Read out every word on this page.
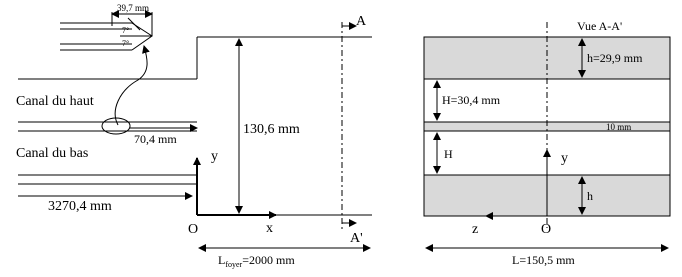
39,7 mm
7°
7°
Canal du haut
70,4 mm
Canal du bas
3270,4 mm
y
x
O
130,6 mm
A
A'
$L_{foyer}=2000$ mm
Vue A-A'
h=29,9 mm
H=30,4 mm
10 mm
H
h
y
z	O
L=150,5 mm
